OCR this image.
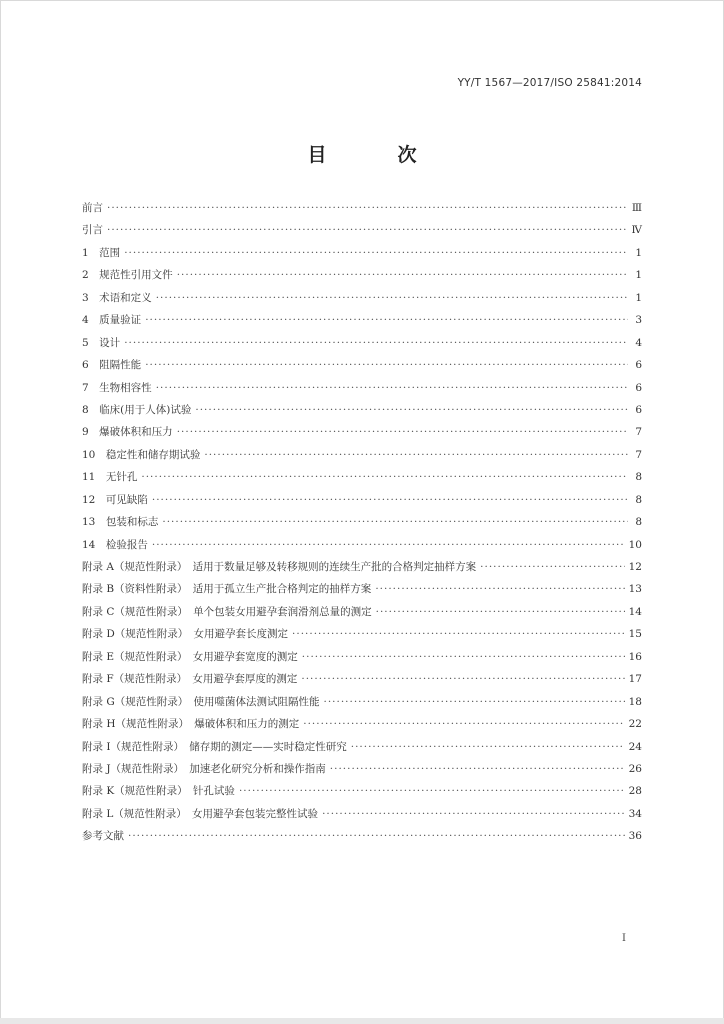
YY/T 1567—2017/ISO 25841:2014
目　次
前言 ·····	Ⅲ
引言 ·····	Ⅳ
1　范围 ·····	1
2　规范性引用文件 ·····	1
3　术语和定义 ·····	1
4　质量验证 ·····	3
5　设计 ·····	4
6　阻隔性能 ·····	6
7　生物相容性 ·····	6
8　临床(用于人体)试验 ·····	6
9　爆破体积和压力 ·····	7
10　稳定性和储存期试验 ·····	7
11　无针孔 ·····	8
12　可见缺陷 ·····	8
13　包装和标志 ·····	8
14　检验报告 ·····	10
附录 A（规范性附录）　适用于数量足够及转移规则的连续生产批的合格判定抽样方案 ·····	12
附录 B（资料性附录）　适用于孤立生产批合格判定的抽样方案 ·····	13
附录 C（规范性附录）　单个包装女用避孕套润滑剂总量的测定 ·····	14
附录 D（规范性附录）　女用避孕套长度测定 ·····	15
附录 E（规范性附录）　女用避孕套宽度的测定 ·····	16
附录 F（规范性附录）　女用避孕套厚度的测定 ·····	17
附录 G（规范性附录）　使用噬菌体法测试阻隔性能 ·····	18
附录 H（规范性附录）　爆破体积和压力的测定 ·····	22
附录 I（规范性附录）　储存期的测定——实时稳定性研究 ·····	24
附录 J（规范性附录）　加速老化研究分析和操作指南 ·····	26
附录 K（规范性附录）　针孔试验 ·····	28
附录 L（规范性附录）　女用避孕套包装完整性试验 ·····	34
参考文献 ·····	36
Ⅰ
